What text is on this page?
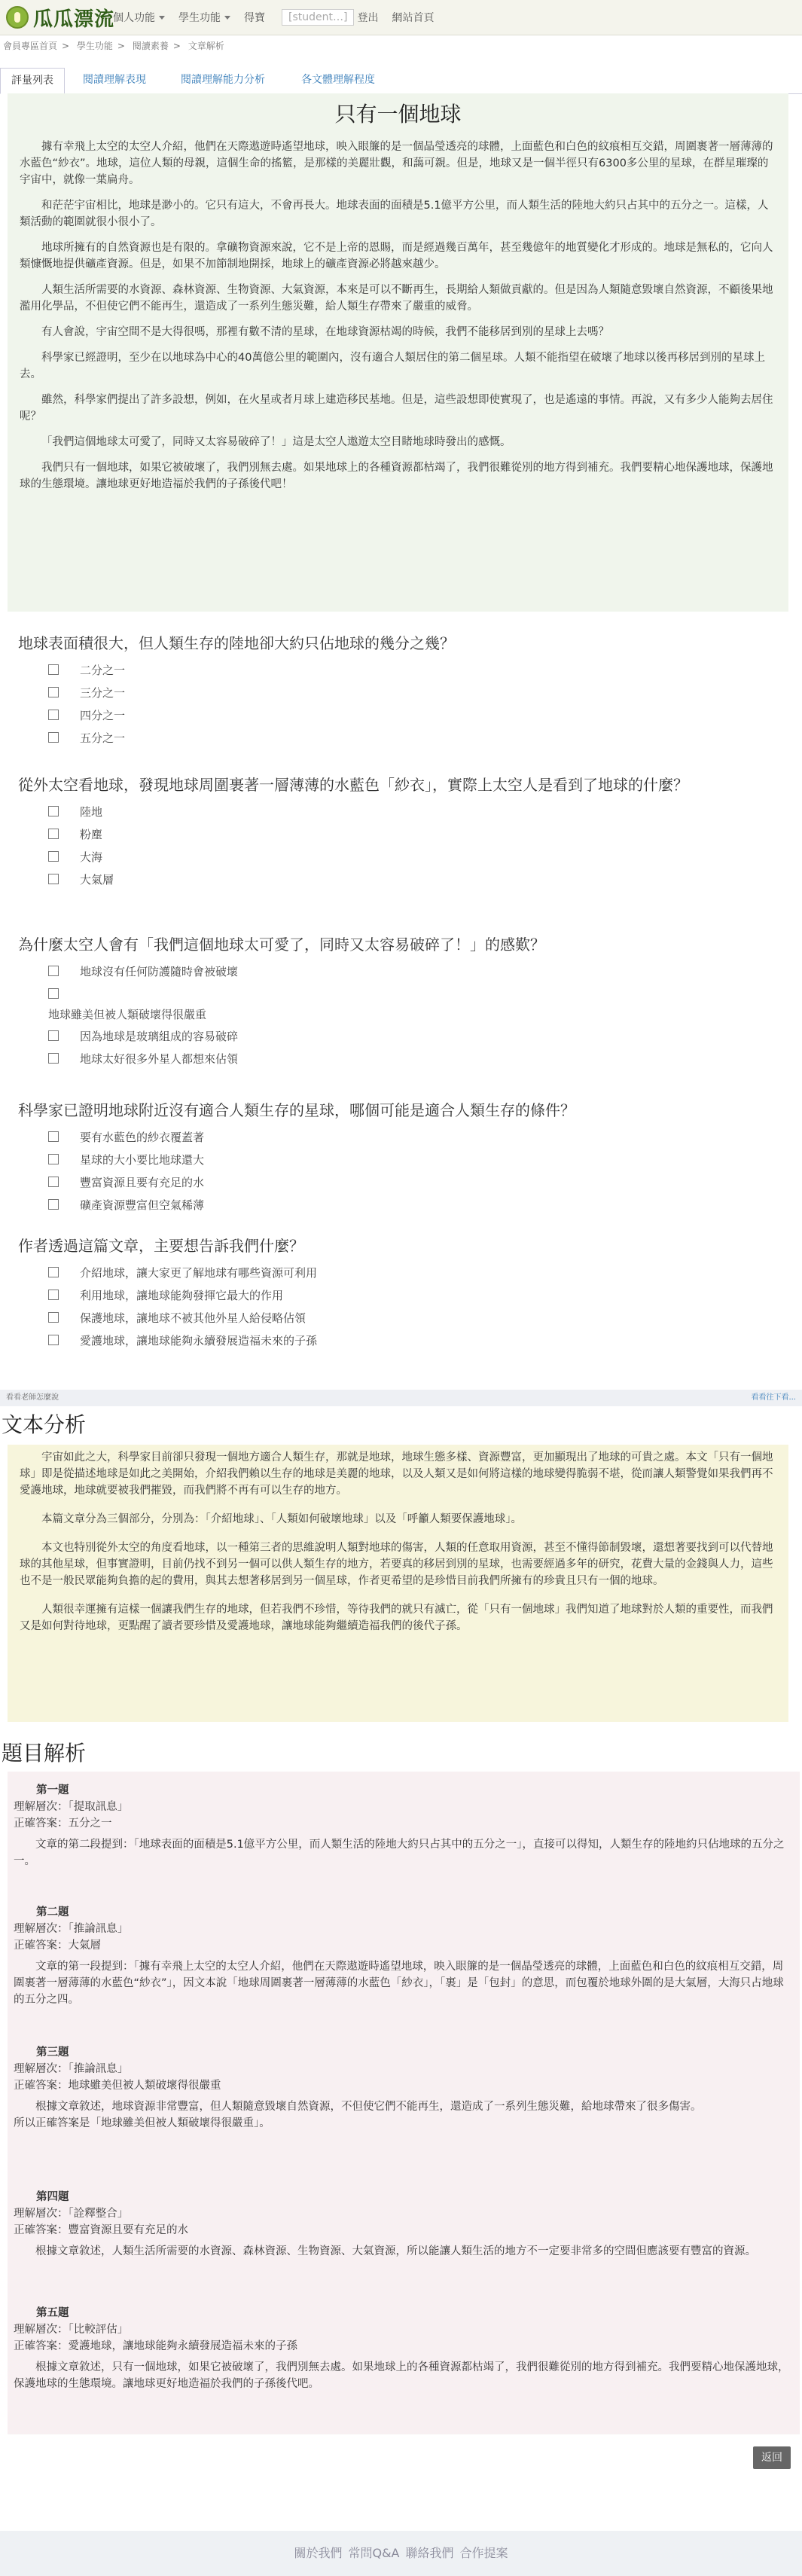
瓜瓜漂流
個人功能 學生功能 得寶	[student…] 登出 網站首頁
會員專區首頁 > 學生功能 > 閱讀素養 > 文章解析
評量列表	閱讀理解表現	閱讀理解能力分析	各文體理解程度
只有一個地球

據有幸飛上太空的太空人介紹，他們在天際遨遊時遙望地球，映入眼簾的是一個晶瑩透亮的球體，上面藍色和白色的紋痕相互交錯，周圍裹著一層薄薄的水藍色“紗衣”。地球，這位人類的母親，這個生命的搖籃，是那樣的美麗壯觀，和藹可親。但是，地球又是一個半徑只有6300多公里的星球，在群星璀璨的宇宙中，就像一葉扁舟。

和茫茫宇宙相比，地球是渺小的。它只有這大，不會再長大。地球表面的面積是5.1億平方公里，而人類生活的陸地大約只占其中的五分之一。這樣，人類活動的範圍就很小很小了。

地球所擁有的自然資源也是有限的。拿礦物資源來說，它不是上帝的恩賜，而是經過幾百萬年，甚至幾億年的地質變化才形成的。地球是無私的，它向人類慷慨地提供礦產資源。但是，如果不加節制地開採，地球上的礦產資源必將越來越少。

人類生活所需要的水資源、森林資源、生物資源、大氣資源，本來是可以不斷再生，長期給人類做貢獻的。但是因為人類隨意毀壞自然資源，不顧後果地濫用化學品，不但使它們不能再生，還造成了一系列生態災難，給人類生存帶來了嚴重的威脅。

有人會說，宇宙空間不是大得很嗎，那裡有數不清的星球，在地球資源枯竭的時候，我們不能移居到別的星球上去嗎？

科學家已經證明，至少在以地球為中心的40萬億公里的範圍內，沒有適合人類居住的第二個星球。人類不能指望在破壞了地球以後再移居到別的星球上去。

雖然，科學家們提出了許多設想，例如，在火星或者月球上建造移民基地。但是，這些設想即使實現了，也是遙遠的事情。再說，又有多少人能夠去居住呢？

「我們這個地球太可愛了，同時又太容易破碎了！」這是太空人遨遊太空目睹地球時發出的感慨。

我們只有一個地球，如果它被破壞了，我們別無去處。如果地球上的各種資源都枯竭了，我們很難從別的地方得到補充。我們要精心地保護地球，保護地球的生態環境。讓地球更好地造福於我們的子孫後代吧！

地球表面積很大，但人類生存的陸地卻大約只佔地球的幾分之幾？
二分之一
三分之一
四分之一
五分之一
從外太空看地球，發現地球周圍裹著一層薄薄的水藍色「紗衣」，實際上太空人是看到了地球的什麼？
陸地
粉塵
大海
大氣層
為什麼太空人會有「我們這個地球太可愛了，同時又太容易破碎了！」的感歎？
地球沒有任何防護隨時會被破壞
地球雖美但被人類破壞得很嚴重
因為地球是玻璃組成的容易破碎
地球太好很多外星人都想來佔領
科學家已證明地球附近沒有適合人類生存的星球，哪個可能是適合人類生存的條件？
要有水藍色的紗衣覆蓋著
星球的大小要比地球還大
豐富資源且要有充足的水
礦產資源豐富但空氣稀薄
作者透過這篇文章，主要想告訴我們什麼？
介紹地球，讓大家更了解地球有哪些資源可利用
利用地球，讓地球能夠發揮它最大的作用
保護地球，讓地球不被其他外星人給侵略佔領
愛護地球，讓地球能夠永續發展造福未來的子孫
看看老師怎麼說	看看往下看...
文本分析

宇宙如此之大，科學家目前卻只發現一個地方適合人類生存，那就是地球，地球生態多樣、資源豐富，更加顯現出了地球的可貴之處。本文「只有一個地球」即是從描述地球是如此之美開始，介紹我們賴以生存的地球是美麗的地球，以及人類又是如何將這樣的地球變得脆弱不堪，從而讓人類警覺如果我們再不愛護地球，地球就要被我們摧毀，而我們將不再有可以生存的地方。

本篇文章分為三個部分，分別為：「介紹地球」、「人類如何破壞地球」以及「呼籲人類要保護地球」。

本文也特別從外太空的角度看地球，以一種第三者的思維說明人類對地球的傷害，人類的任意取用資源，甚至不懂得節制毀壞，還想著要找到可以代替地球的其他星球，但事實證明，目前仍找不到另一個可以供人類生存的地方，若要真的移居到別的星球，也需要經過多年的研究，花費大量的金錢與人力，這些也不是一般民眾能夠負擔的起的費用，與其去想著移居到另一個星球，作者更希望的是珍惜目前我們所擁有的珍貴且只有一個的地球。

人類很幸運擁有這樣一個讓我們生存的地球，但若我們不珍惜，等待我們的就只有滅亡，從「只有一個地球」我們知道了地球對於人類的重要性，而我們又是如何對待地球，更點醒了讀者要珍惜及愛護地球，讓地球能夠繼續造福我們的後代子孫。

題目解析
第一題
理解層次：「提取訊息」
正確答案：五分之一
文章的第二段提到：「地球表面的面積是5.1億平方公里，而人類生活的陸地大約只占其中的五分之一」，直接可以得知，人類生存的陸地約只佔地球的五分之一。
第二題
理解層次：「推論訊息」
正確答案：大氣層
文章的第一段提到：「據有幸飛上太空的太空人介紹，他們在天際遨遊時遙望地球，映入眼簾的是一個晶瑩透亮的球體，上面藍色和白色的紋痕相互交錯，周圍裹著一層薄薄的水藍色“紗衣”」，因文本說「地球周圍裹著一層薄薄的水藍色「紗衣」，「裹」是「包封」的意思，而包覆於地球外圍的是大氣層，大海只占地球的五分之四。
第三題
理解層次：「推論訊息」
正確答案：地球雖美但被人類破壞得很嚴重
根據文章敘述，地球資源非常豐富，但人類隨意毀壞自然資源，不但使它們不能再生，還造成了一系列生態災難，給地球帶來了很多傷害。
所以正確答案是「地球雖美但被人類破壞得很嚴重」。
第四題
理解層次：「詮釋整合」
正確答案：豐富資源且要有充足的水
根據文章敘述，人類生活所需要的水資源、森林資源、生物資源、大氣資源，所以能讓人類生活的地方不一定要非常多的空間但應該要有豐富的資源。
第五題
理解層次：「比較評估」
正確答案：愛護地球，讓地球能夠永續發展造福未來的子孫
根據文章敘述，只有一個地球，如果它被破壞了，我們別無去處。如果地球上的各種資源都枯竭了，我們很難從別的地方得到補充。我們要精心地保護地球，保護地球的生態環境。讓地球更好地造福於我們的子孫後代吧。
返回
關於我們 常問Q&A 聯絡我們 合作提案
